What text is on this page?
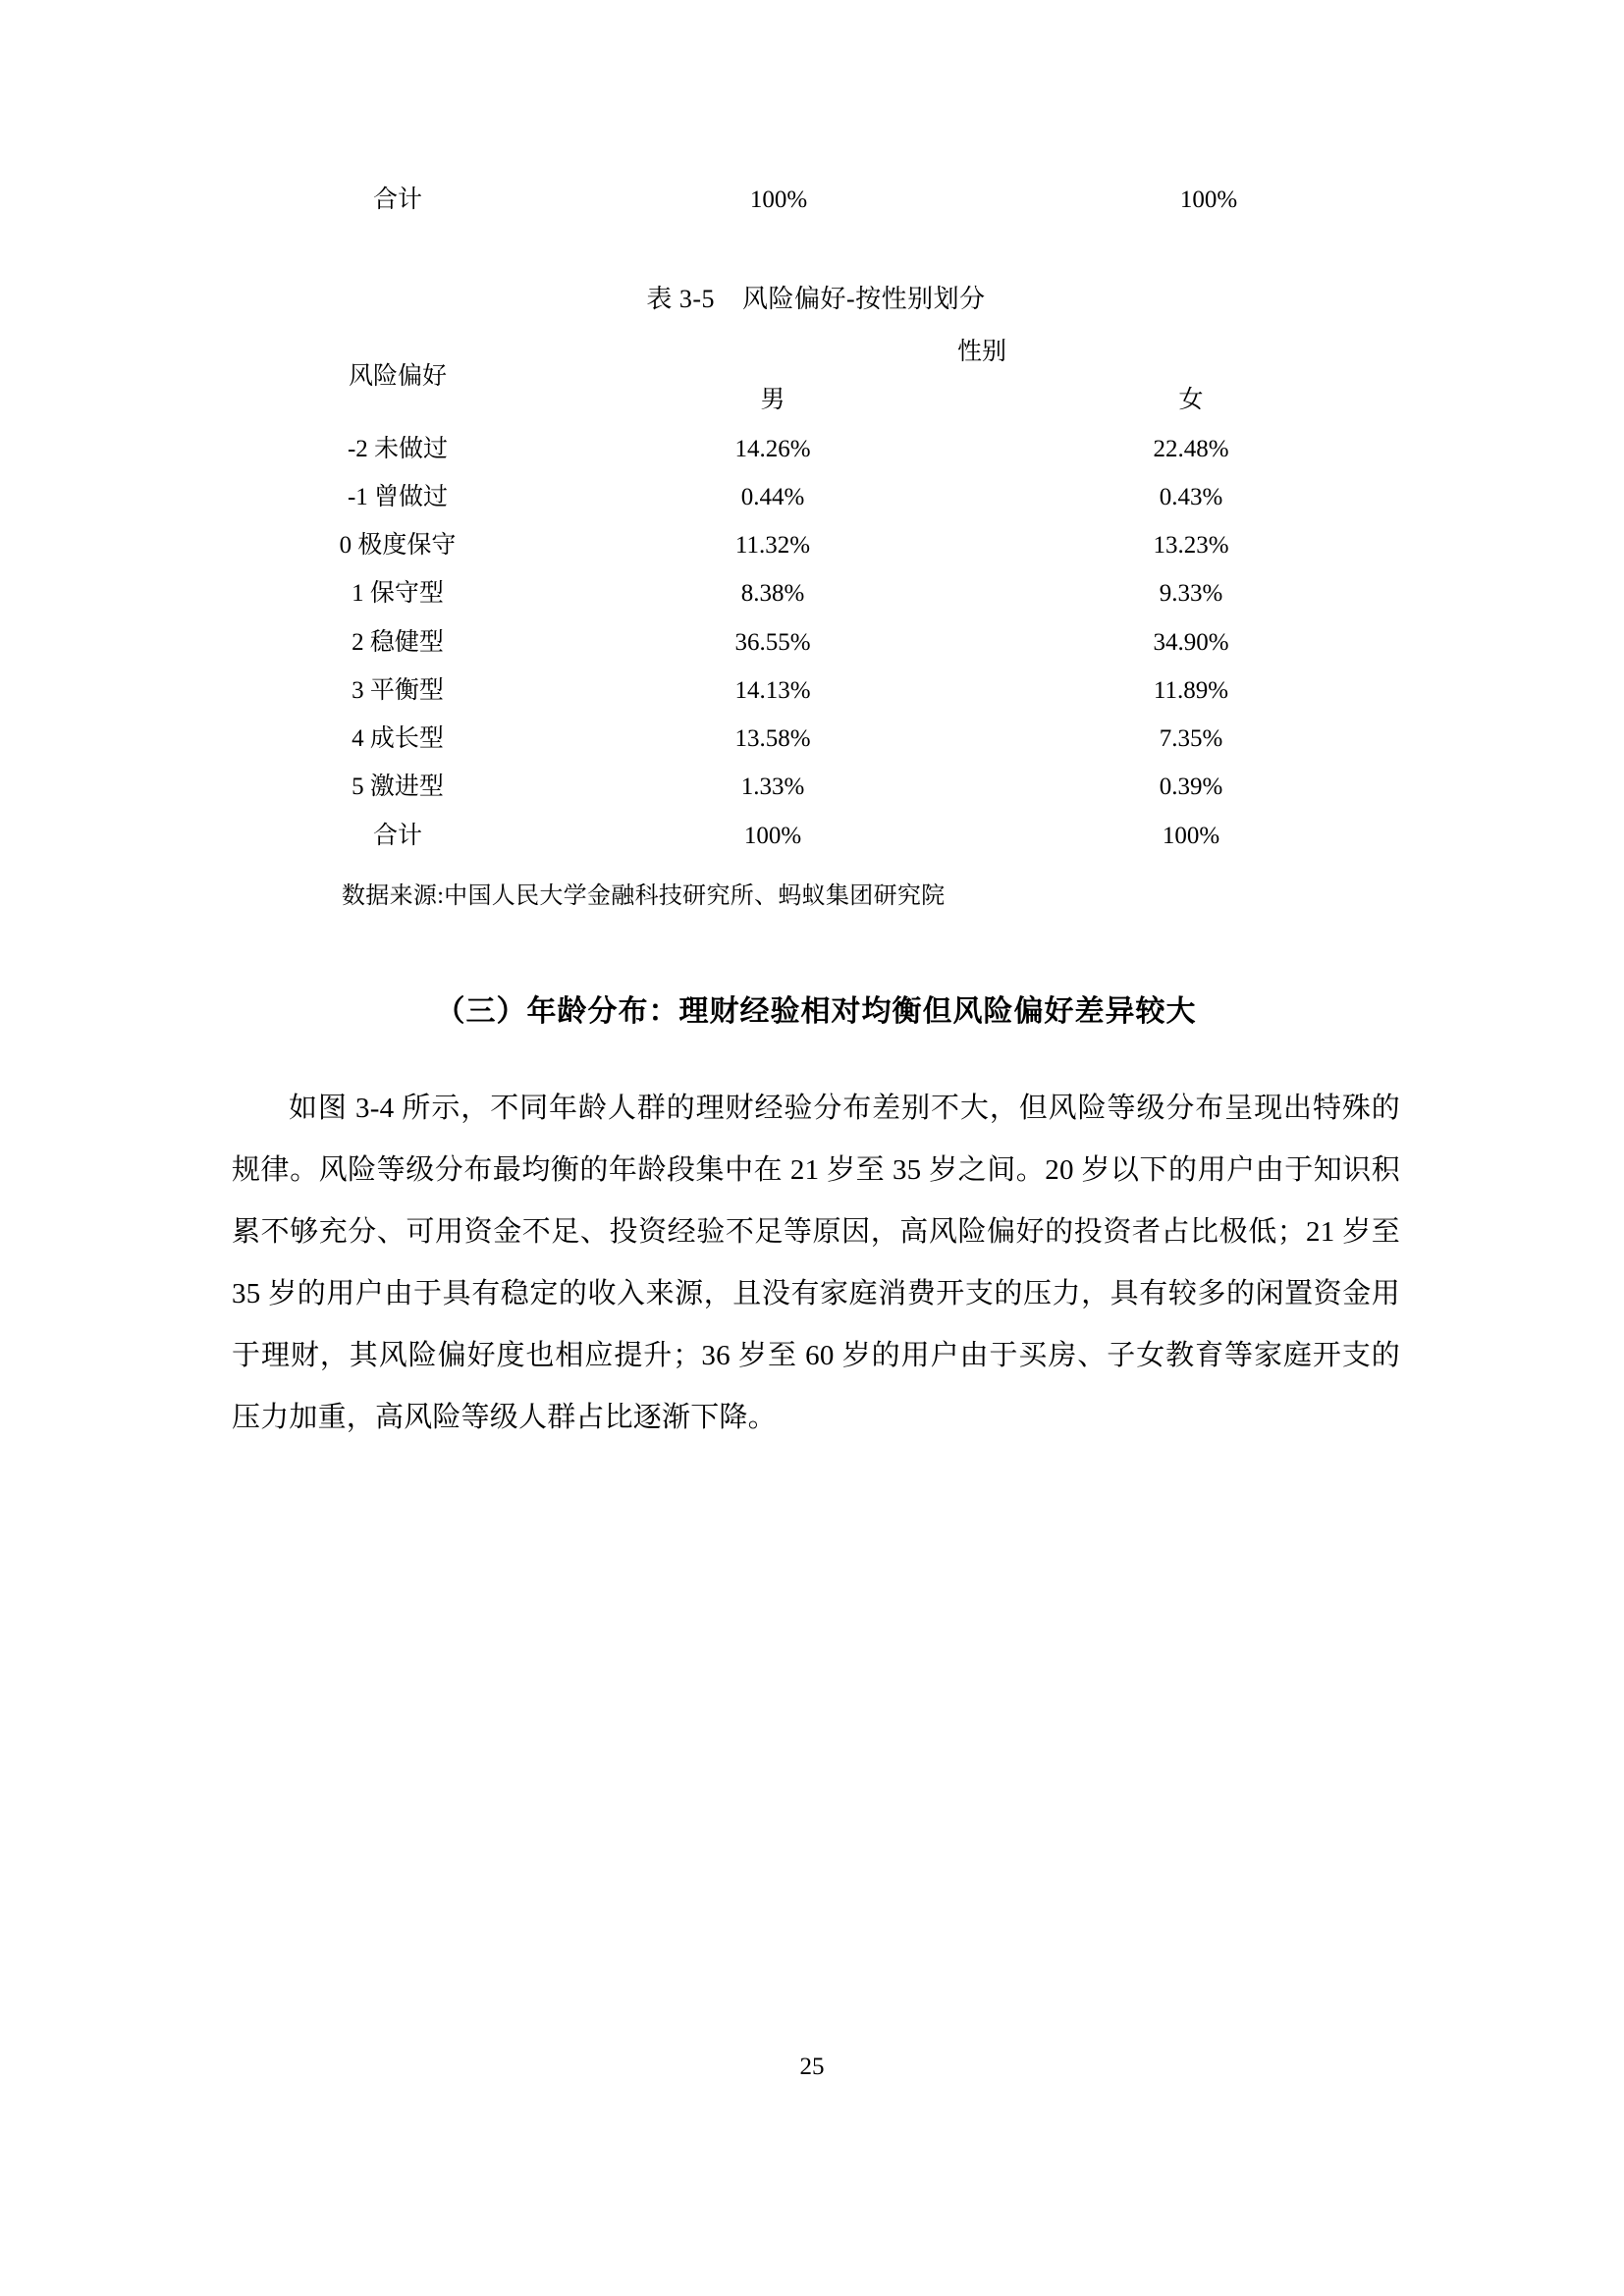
合计	100%	100%
表 3-5 风险偏好-按性别划分
风险偏好	性别	
	男	女
-2 未做过	14.26%	22.48%
-1 曾做过	0.44%	0.43%
0 极度保守	11.32%	13.23%
1 保守型	8.38%	9.33%
2 稳健型	36.55%	34.90%
3 平衡型	14.13%	11.89%
4 成长型	13.58%	7.35%
5 激进型	1.33%	0.39%
合计	100%	100%
数据来源:中国人民大学金融科技研究所、蚂蚁集团研究院
（三）年龄分布：理财经验相对均衡但风险偏好差异较大

如图 3-4 所示，不同年龄人群的理财经验分布差别不大，但风险等级分布呈现出特殊的规律。风险等级分布最均衡的年龄段集中在 21 岁至 35 岁之间。20 岁以下的用户由于知识积累不够充分、可用资金不足、投资经验不足等原因，高风险偏好的投资者占比极低；21 岁至 35 岁的用户由于具有稳定的收入来源，且没有家庭消费开支的压力，具有较多的闲置资金用于理财，其风险偏好度也相应提升；36 岁至 60 岁的用户由于买房、子女教育等家庭开支的压力加重，高风险等级人群占比逐渐下降。

25
